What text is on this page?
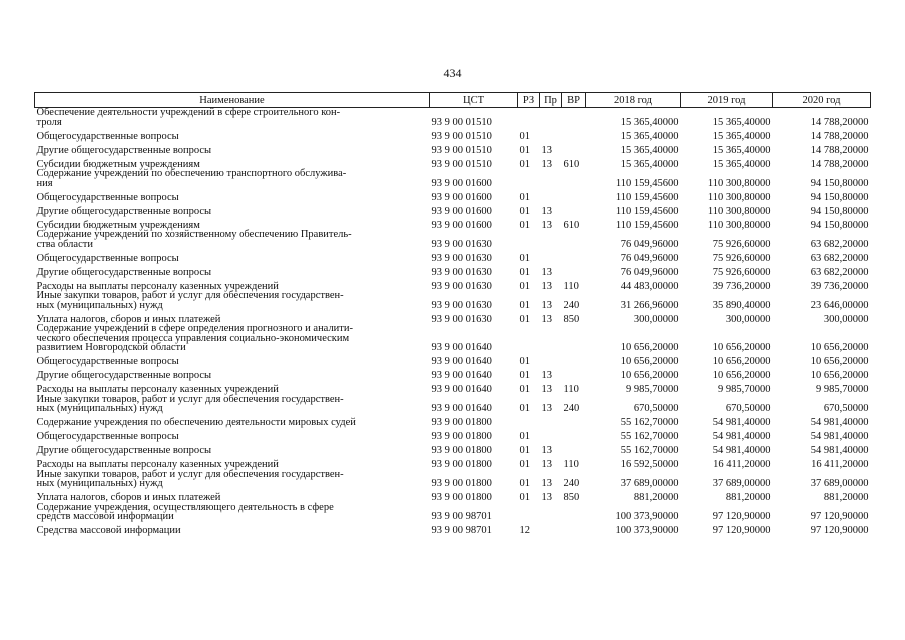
434
Наименование	ЦСТ	РЗ	Пр	ВР	2018 год	2019 год	2020 год

Обеспечение деятельности учреждений в сфере строительного кон-
троля	93 9 00 01510				15 365,40000	15 365,40000	14 788,20000

Общегосударственные вопросы	93 9 00 01510	01			15 365,40000	15 365,40000	14 788,20000

Другие общегосударственные вопросы	93 9 00 01510	01	13		15 365,40000	15 365,40000	14 788,20000

Субсидии бюджетным учреждениям	93 9 00 01510	01	13	610	15 365,40000	15 365,40000	14 788,20000

Содержание учреждений по обеспечению транспортного обслужива-
ния	93 9 00 01600				110 159,45600	110 300,80000	94 150,80000

Общегосударственные вопросы	93 9 00 01600	01			110 159,45600	110 300,80000	94 150,80000

Другие общегосударственные вопросы	93 9 00 01600	01	13		110 159,45600	110 300,80000	94 150,80000

Субсидии бюджетным учреждениям	93 9 00 01600	01	13	610	110 159,45600	110 300,80000	94 150,80000

Содержание учреждений по хозяйственному обеспечению Правитель-
ства области	93 9 00 01630				76 049,96000	75 926,60000	63 682,20000

Общегосударственные вопросы	93 9 00 01630	01			76 049,96000	75 926,60000	63 682,20000

Другие общегосударственные вопросы	93 9 00 01630	01	13		76 049,96000	75 926,60000	63 682,20000

Расходы на выплаты персоналу казенных учреждений	93 9 00 01630	01	13	110	44 483,00000	39 736,20000	39 736,20000

Иные закупки товаров, работ и услуг для обеспечения государствен-
ных (муниципальных) нужд	93 9 00 01630	01	13	240	31 266,96000	35 890,40000	23 646,00000

Уплата налогов, сборов и иных платежей	93 9 00 01630	01	13	850	300,00000	300,00000	300,00000

Содержание учреждений в сфере определения прогнозного и аналити-
ческого обеспечения процесса управления социально-экономическим
развитием Новгородской области	93 9 00 01640				10 656,20000	10 656,20000	10 656,20000

Общегосударственные вопросы	93 9 00 01640	01			10 656,20000	10 656,20000	10 656,20000

Другие общегосударственные вопросы	93 9 00 01640	01	13		10 656,20000	10 656,20000	10 656,20000

Расходы на выплаты персоналу казенных учреждений	93 9 00 01640	01	13	110	9 985,70000	9 985,70000	9 985,70000

Иные закупки товаров, работ и услуг для обеспечения государствен-
ных (муниципальных) нужд	93 9 00 01640	01	13	240	670,50000	670,50000	670,50000

Содержание учреждения по обеспечению деятельности мировых судей	93 9 00 01800				55 162,70000	54 981,40000	54 981,40000

Общегосударственные вопросы	93 9 00 01800	01			55 162,70000	54 981,40000	54 981,40000

Другие общегосударственные вопросы	93 9 00 01800	01	13		55 162,70000	54 981,40000	54 981,40000

Расходы на выплаты персоналу казенных учреждений	93 9 00 01800	01	13	110	16 592,50000	16 411,20000	16 411,20000

Иные закупки товаров, работ и услуг для обеспечения государствен-
ных (муниципальных) нужд	93 9 00 01800	01	13	240	37 689,00000	37 689,00000	37 689,00000

Уплата налогов, сборов и иных платежей	93 9 00 01800	01	13	850	881,20000	881,20000	881,20000

Содержание учреждения, осуществляющего деятельность в сфере
средств массовой информации	93 9 00 98701				100 373,90000	97 120,90000	97 120,90000

Средства массовой информации	93 9 00 98701	12			100 373,90000	97 120,90000	97 120,90000
